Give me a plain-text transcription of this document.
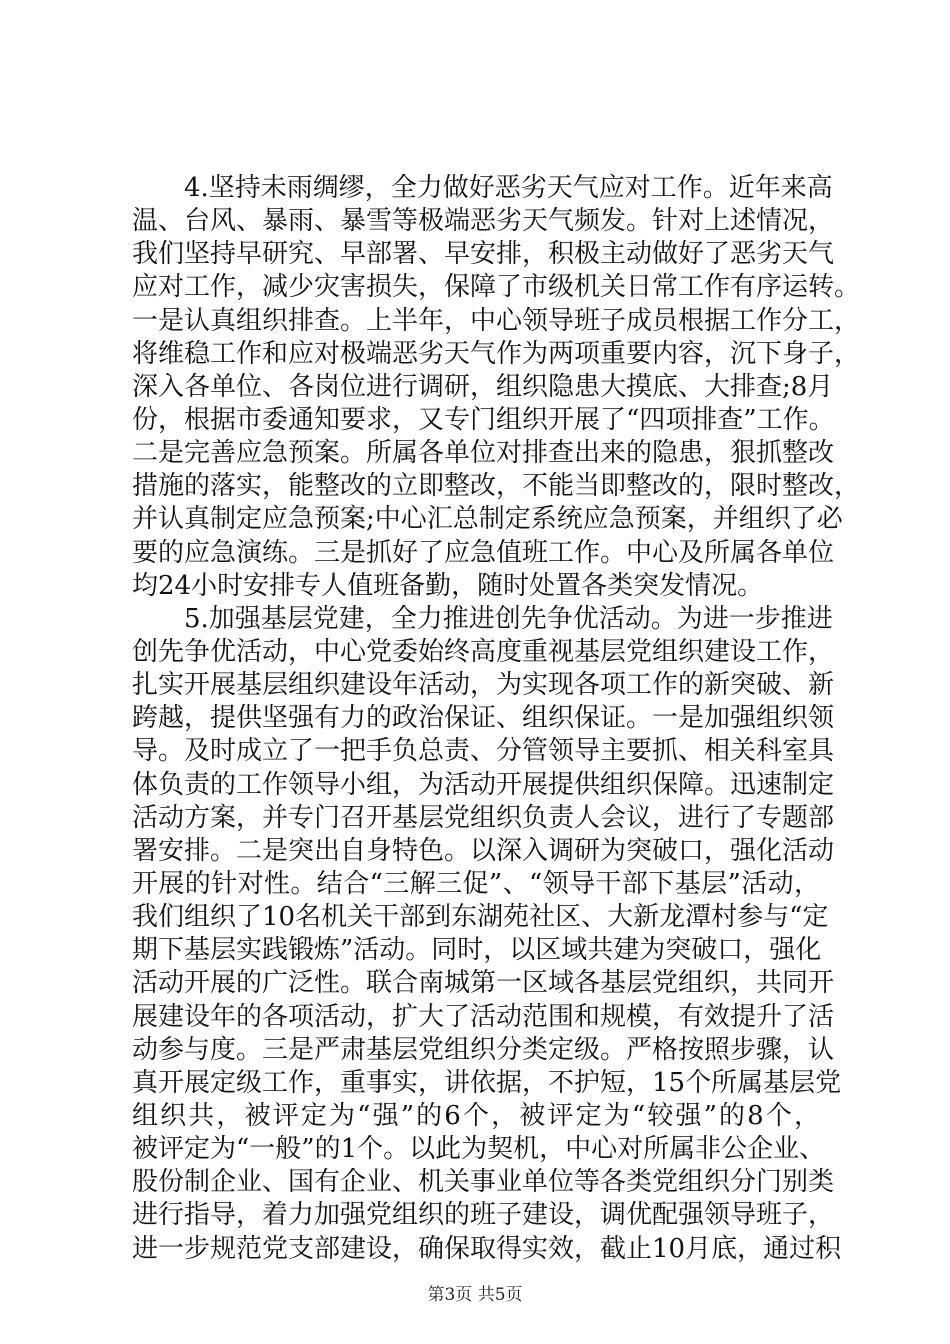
4.坚持未雨绸缪，全力做好恶劣天气应对工作。近年来高
温、台风、暴雨、暴雪等极端恶劣天气频发。针对上述情况，
我们坚持早研究、早部署、早安排，积极主动做好了恶劣天气
应对工作，减少灾害损失，保障了市级机关日常工作有序运转。
一是认真组织排查。上半年，中心领导班子成员根据工作分工，
将维稳工作和应对极端恶劣天气作为两项重要内容，沉下身子，
深入各单位、各岗位进行调研，组织隐患大摸底、大排查;8月
份，根据市委通知要求，又专门组织开展了“四项排查”工作。
二是完善应急预案。所属各单位对排查出来的隐患，狠抓整改
措施的落实，能整改的立即整改，不能当即整改的，限时整改，
并认真制定应急预案;中心汇总制定系统应急预案，并组织了必
要的应急演练。三是抓好了应急值班工作。中心及所属各单位
均24小时安排专人值班备勤，随时处置各类突发情况。
5.加强基层党建，全力推进创先争优活动。为进一步推进
创先争优活动，中心党委始终高度重视基层党组织建设工作，
扎实开展基层组织建设年活动，为实现各项工作的新突破、新
跨越，提供坚强有力的政治保证、组织保证。一是加强组织领
导。及时成立了一把手负总责、分管领导主要抓、相关科室具
体负责的工作领导小组，为活动开展提供组织保障。迅速制定
活动方案，并专门召开基层党组织负责人会议，进行了专题部
署安排。二是突出自身特色。以深入调研为突破口，强化活动
开展的针对性。结合“三解三促”、“领导干部下基层”活动，
我们组织了10名机关干部到东湖苑社区、大新龙潭村参与“定
期下基层实践锻炼”活动。同时，以区域共建为突破口，强化
活动开展的广泛性。联合南城第一区域各基层党组织，共同开
展建设年的各项活动，扩大了活动范围和规模，有效提升了活
动参与度。三是严肃基层党组织分类定级。严格按照步骤，认
真开展定级工作，重事实，讲依据，不护短，15个所属基层党
组织共，被评定为“强”的6个，被评定为“较强”的8个，
被评定为“一般”的1个。以此为契机，中心对所属非公企业、
股份制企业、国有企业、机关事业单位等各类党组织分门别类
进行指导，着力加强党组织的班子建设，调优配强领导班子，
进一步规范党支部建设，确保取得实效，截止10月底，通过积
第3页 共5页
